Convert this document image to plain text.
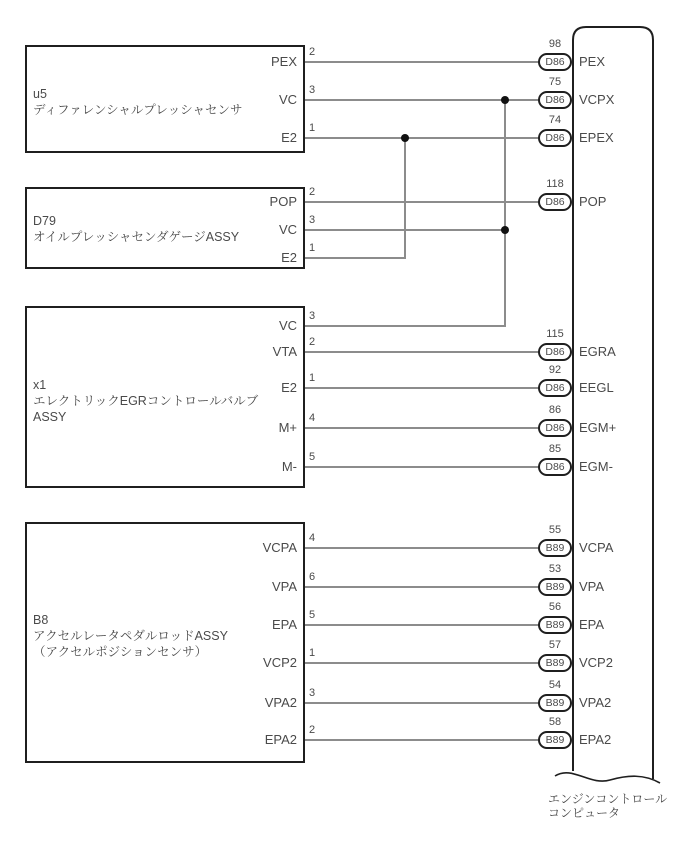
u5
ディファレンシャルプレッシャセンサ
PEX
VC
E2
2
3
1
D79
オイルプレッシャセンダゲージASSY
POP
VC
E2
2
3
1
x1
エレクトリックEGRコントロールバルブ
ASSY
VC
VTA
E2
M+
M-
3
2
1
4
5
B8
アクセルレータペダルロッドASSY
（アクセルポジションセンサ）
VCPA
VPA
EPA
VCP2
VPA2
EPA2
4
6
5
1
3
2
98
75
74
118
115
92
86
85
55
53
56
57
54
58
D86
D86
D86
D86
D86
D86
D86
D86
B89
B89
B89
B89
B89
B89
PEX
VCPX
EPEX
POP
EGRA
EEGL
EGM+
EGM-
VCPA
VPA
EPA
VCP2
VPA2
EPA2
エンジンコントロール
コンピュータ
